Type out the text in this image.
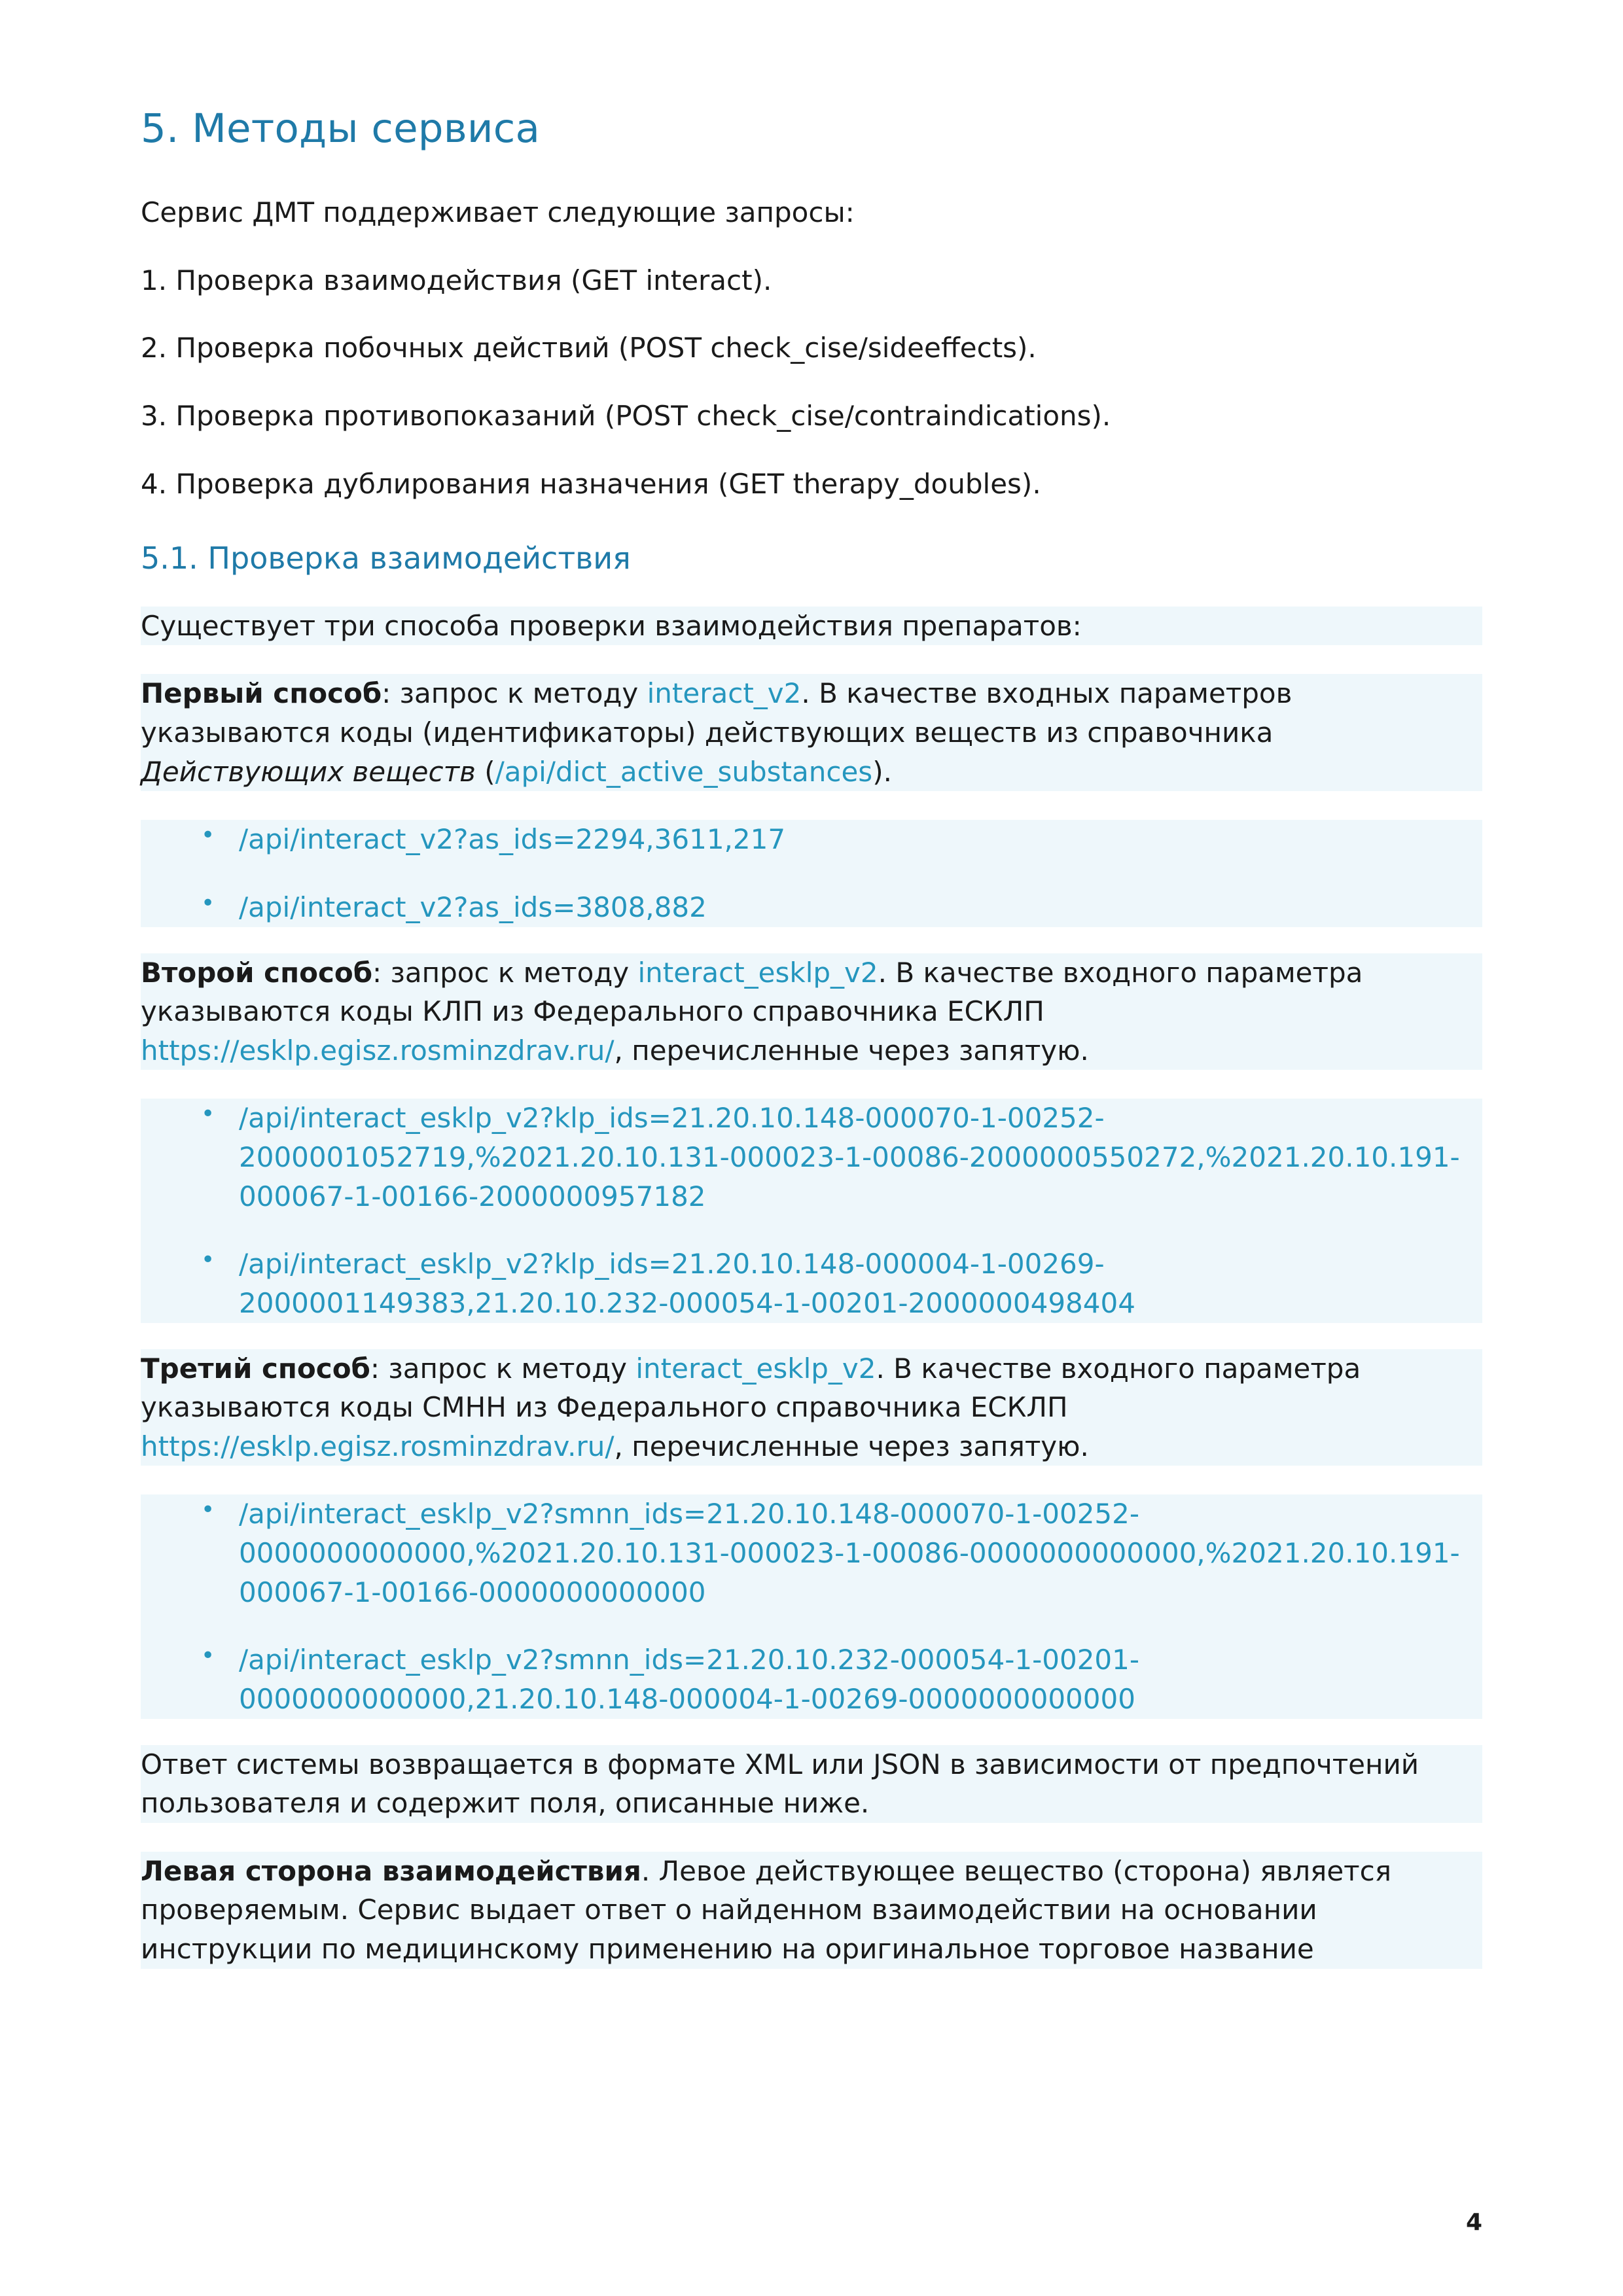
5. Методы сервиса

Сервис ДМТ поддерживает следующие запросы:

1. Проверка взаимодействия (GET interact).

2. Проверка побочных действий (POST check_cise/sideeffects).

3. Проверка противопоказаний (POST check_cise/contraindications).

4. Проверка дублирования назначения (GET therapy_doubles).

5.1. Проверка взаимодействия

Существует три способа проверки взаимодействия препаратов:

Первый способ: запрос к методу interact_v2. В качестве входных параметров указываются коды (идентификаторы) действующих веществ из справочника Действующих веществ (/api/dict_active_substances).

• /api/interact_v2?as_ids=2294,3611,217
• /api/interact_v2?as_ids=3808,882

Второй способ: запрос к методу interact_esklp_v2. В качестве входного параметра указываются коды КЛП из Федерального справочника ЕСКЛП https://esklp.egisz.rosminzdrav.ru/, перечисленные через запятую.

• /api/interact_esklp_v2?klp_ids=21.20.10.148-000070-1-00252-2000001052719,%2021.20.10.131-000023-1-00086-2000000550272,%2021.20.10.191-000067-1-00166-2000000957182
• /api/interact_esklp_v2?klp_ids=21.20.10.148-000004-1-00269-2000001149383,21.20.10.232-000054-1-00201-2000000498404

Третий способ: запрос к методу interact_esklp_v2. В качестве входного параметра указываются коды СМНН из Федерального справочника ЕСКЛП https://esklp.egisz.rosminzdrav.ru/, перечисленные через запятую.

• /api/interact_esklp_v2?smnn_ids=21.20.10.148-000070-1-00252-0000000000000,%2021.20.10.131-000023-1-00086-0000000000000,%2021.20.10.191-000067-1-00166-0000000000000
• /api/interact_esklp_v2?smnn_ids=21.20.10.232-000054-1-00201-0000000000000,21.20.10.148-000004-1-00269-0000000000000

Ответ системы возвращается в формате XML или JSON в зависимости от предпочтений пользователя и содержит поля, описанные ниже.

Левая сторона взаимодействия. Левое действующее вещество (сторона) является проверяемым. Сервис выдает ответ о найденном взаимодействии на основании инструкции по медицинскому применению на оригинальное торговое название

4
